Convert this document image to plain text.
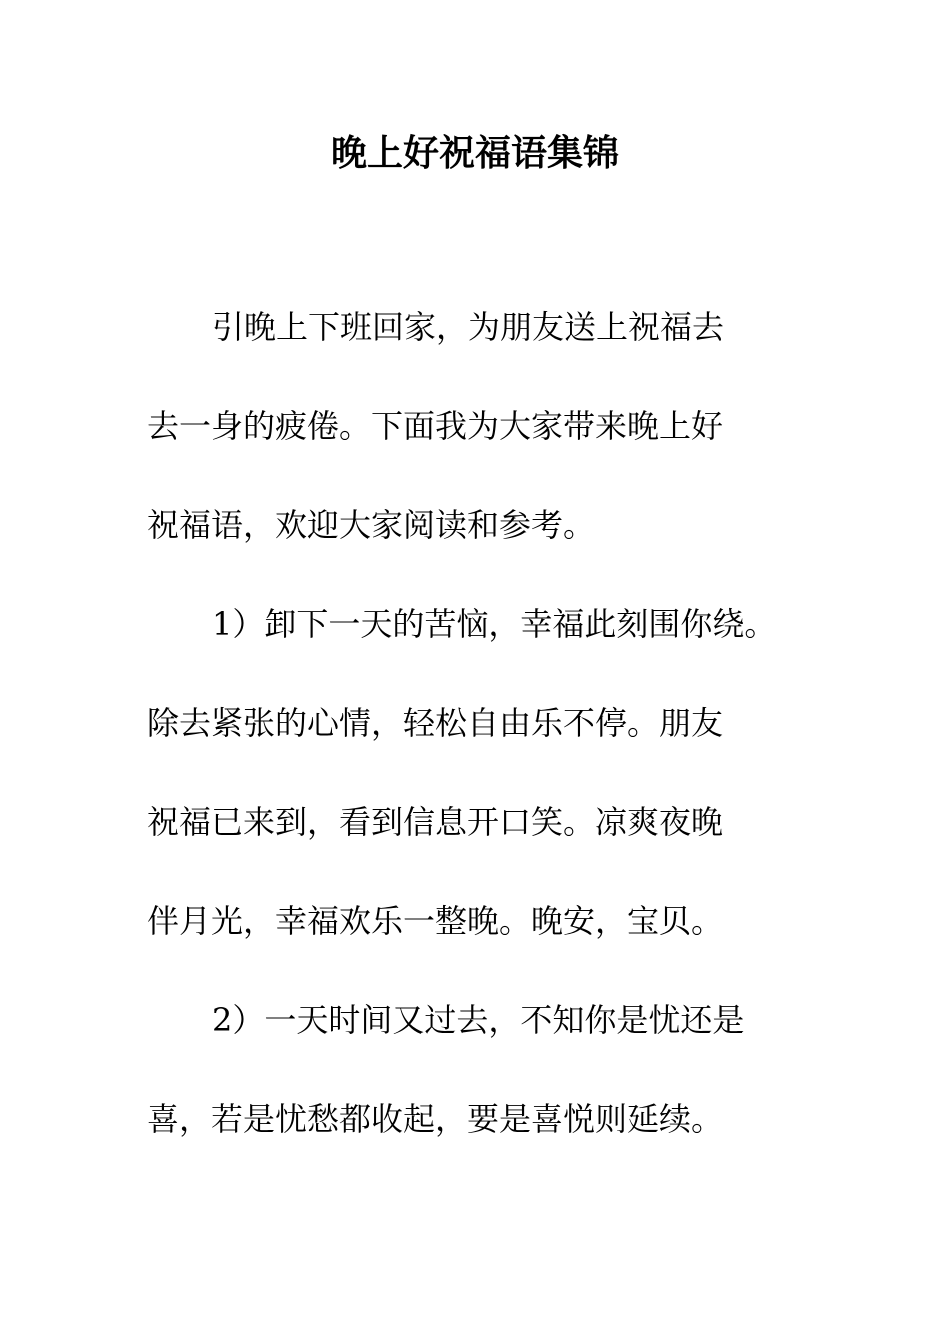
晚上好祝福语集锦
引晚上下班回家，为朋友送上祝福去
去一身的疲倦。下面我为大家带来晚上好
祝福语，欢迎大家阅读和参考。
1）卸下一天的苦恼，幸福此刻围你绕。
除去紧张的心情，轻松自由乐不停。朋友
祝福已来到，看到信息开口笑。凉爽夜晚
伴月光，幸福欢乐一整晚。晚安，宝贝。
2）一天时间又过去，不知你是忧还是
喜，若是忧愁都收起，要是喜悦则延续。
